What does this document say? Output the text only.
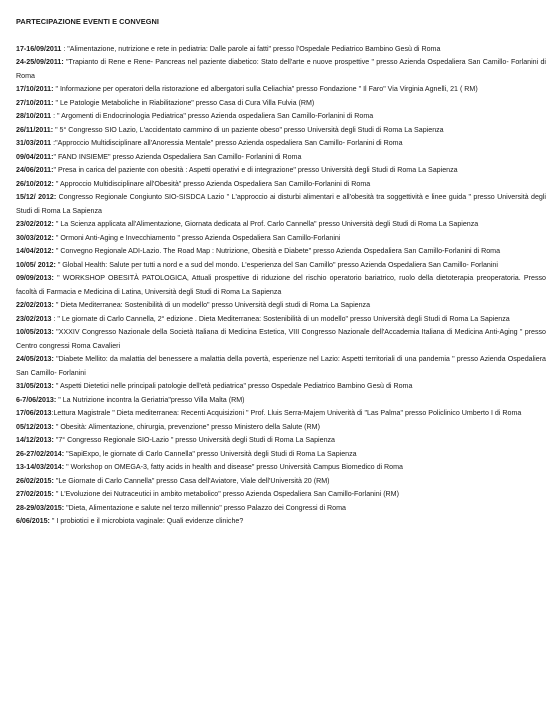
PARTECIPAZIONE EVENTI E CONVEGNI

17-16/09/2011 : "Alimentazione, nutrizione e rete in pediatria: Dalle parole ai fatti" presso l'Ospedale Pediatrico Bambino Gesù di Roma

24-25/09/2011: "Trapianto di Rene e Rene- Pancreas nel paziente diabetico: Stato dell'arte e nuove prospettive " presso Azienda Ospedaliera San Camillo- Forlanini di Roma

17/10/2011: " Informazione per operatori della ristorazione ed albergatori sulla Celiachia" presso Fondazione " Il Faro" Via Virginia Agnelli, 21 ( RM)

27/10/2011: " Le Patologie Metaboliche in Riabilitazione" presso Casa di Cura Villa Fulvia (RM)

28/10/2011 : " Argomenti di Endocrinologia Pediatrica" presso Azienda ospedaliera San Camillo-Forlanini di Roma

26/11/2011: " 5° Congresso SIO Lazio, L'accidentato cammino di un paziente obeso" presso Università degli Studi di Roma La Sapienza

31/03/2011 :"Approccio Multidisciplinare all'Anoressia Mentale" presso Azienda ospedaliera San Camillo- Forlanini di Roma

09/04/2011:" FAND INSIEME" presso Azienda Ospedaliera San Camillo- Forlanini di Roma

24/06/2011:" Presa in carica del paziente con obesità : Aspetti operativi e di integrazione" presso Università degli Studi di Roma La Sapienza

26/10/2012: " Approccio Multidisciplinare all'Obesità" presso Azienda Ospedaliera San Camillo-Forlanini di Roma

15/12/ 2012: Congresso Regionale Congiunto SIO-SISDCA Lazio " L'approccio ai disturbi alimentari e all'obesità tra soggettività e linee guida " presso Università degli Studi di Roma La Sapienza

23/02/2012: " La Scienza applicata all'Alimentazione, Giornata dedicata al Prof. Carlo Cannella" presso Università degli Studi di Roma La Sapienza

30/03/2012: " Ormoni Anti-Aging e Invecchiamento " presso Azienda Ospedaliera San Camillo-Forlanini

14/04/2012: " Convegno Regionale ADI-Lazio. The Road Map : Nutrizione, Obesità e Diabete" presso Azienda Ospedaliera San Camillo-Forlanini di Roma

10/05/ 2012: " Global Health: Salute per tutti a nord e a sud del mondo. L'esperienza del San Camillo" presso Azienda Ospedaliera San Camillo- Forlanini

09/09/2013: " WORKSHOP OBESITÀ PATOLOGICA, Attuali prospettive di riduzione del rischio operatorio bariatrico, ruolo della dietoterapia preoperatoria. Presso facoltà di Farmacia e Medicina di Latina, Università degli Studi di Roma La Sapienza

22/02/2013: " Dieta Mediterranea: Sostenibilità di un modello" presso Università degli studi di Roma La Sapienza

23/02/2013 : " Le giornate di Carlo Cannella, 2° edizione . Dieta Mediterranea: Sostenibilità di un modello" presso Università degli Studi di Roma La Sapienza

10/05/2013: "XXXIV Congresso Nazionale della Società Italiana di Medicina Estetica, VIII Congresso Nazionale dell'Accademia Italiana di Medicina Anti-Aging " presso Centro congressi Roma Cavalieri

24/05/2013: "Diabete Mellito: da malattia del benessere a malattia della povertà, esperienze nel Lazio: Aspetti territoriali di una pandemia " presso Azienda Ospedaliera San Camillo- Forlanini

31/05/2013: " Aspetti Dietetici nelle principali patologie dell'età pediatrica" presso Ospedale Pediatrico Bambino Gesù di Roma

6-7/06/2013: " La Nutrizione incontra la Geriatria"presso Villa Malta (RM)

17/06/2013:Lettura Magistrale " Dieta mediterranea: Recenti Acquisizioni " Prof. Lluis Serra-Majem Univerità di "Las Palma" presso Policlinico Umberto I di Roma

05/12/2013: " Obesità: Alimentazione, chirurgia, prevenzione" presso Ministero della Salute (RM)

14/12/2013: "7° Congresso Regionale SIO-Lazio " presso Università degli Studi di Roma La Sapienza

26-27/02/2014: "SapiExpo, le giornate di Carlo Cannella" presso Università degli Studi di Roma La Sapienza

13-14/03/2014: " Workshop on OMEGA-3, fatty acids in health and disease" presso Università Campus Biomedico di Roma

26/02/2015: "Le Giornate di Carlo Cannella" presso Casa dell'Aviatore, Viale dell'Università 20 (RM)

27/02/2015: " L'Evoluzione dei Nutraceutici in ambito metabolico" presso Azienda Ospedaliera San Camillo-Forlanini (RM)

28-29/03/2015: "Dieta, Alimentazione e salute nel terzo millennio" presso Palazzo dei Congressi di Roma

6/06/2015: " I probiotici e il microbiota vaginale: Quali evidenze cliniche?
